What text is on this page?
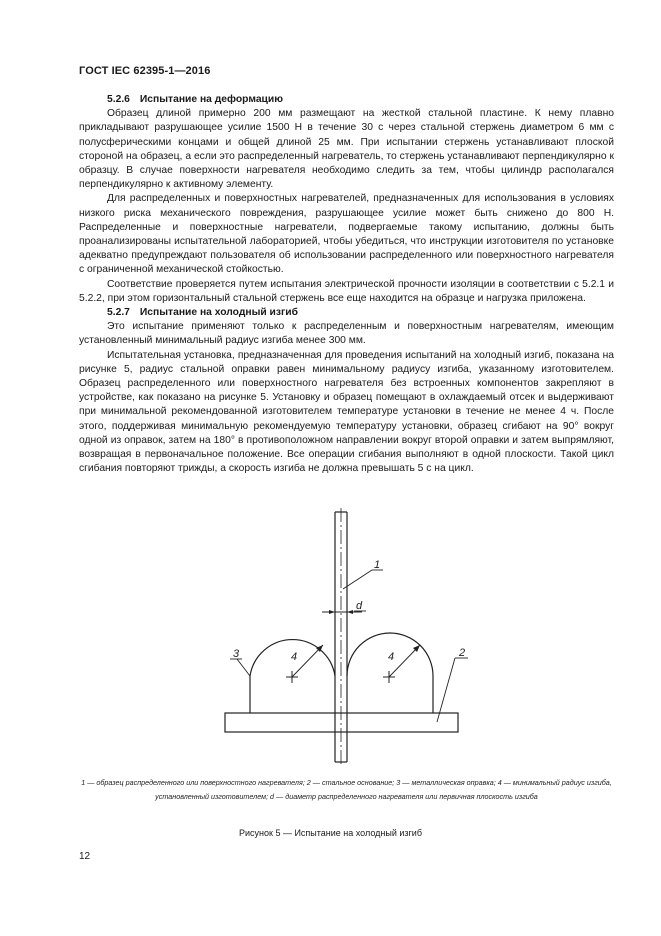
ГОСТ IEC 62395-1—2016
5.2.6 Испытание на деформацию

Образец длиной примерно 200 мм размещают на жесткой стальной пластине. К нему плавно прикладывают разрушающее усилие 1500 Н в течение 30 с через стальной стержень диаметром 6 мм с полусферическими концами и общей длиной 25 мм. При испытании стержень устанавливают плоской стороной на образец, а если это распределенный нагреватель, то стержень устанавливают перпендикулярно к образцу. В случае поверхности нагревателя необходимо следить за тем, чтобы цилиндр располагался перпендикулярно к активному элементу.

Для распределенных и поверхностных нагревателей, предназначенных для использования в условиях низкого риска механического повреждения, разрушающее усилие может быть снижено до 800 Н. Распределенные и поверхностные нагреватели, подвергаемые такому испытанию, должны быть проанализированы испытательной лабораторией, чтобы убедиться, что инструкции изготовителя по установке адекватно предупреждают пользователя об использовании распределенного или поверхностного нагревателя с ограниченной механической стойкостью.

Соответствие проверяется путем испытания электрической прочности изоляции в соответствии с 5.2.1 и 5.2.2, при этом горизонтальный стальной стержень все еще находится на образце и нагрузка приложена.

5.2.7 Испытание на холодный изгиб

Это испытание применяют только к распределенным и поверхностным нагревателям, имеющим установленный минимальный радиус изгиба менее 300 мм.

Испытательная установка, предназначенная для проведения испытаний на холодный изгиб, показана на рисунке 5, радиус стальной оправки равен минимальному радиусу изгиба, указанному изготовителем. Образец распределенного или поверхностного нагревателя без встроенных компонентов закрепляют в устройстве, как показано на рисунке 5. Установку и образец помещают в охлаждаемый отсек и выдерживают при минимальной рекомендованной изготовителем температуре установки в течение не менее 4 ч. После этого, поддерживая минимальную рекомендуемую температуру установки, образец сгибают на 90° вокруг одной из оправок, затем на 180° в противоположном направлении вокруг второй оправки и затем выпрямляют, возвращая в первоначальное положение. Все операции сгибания выполняют в одной плоскости. Такой цикл сгибания повторяют трижды, а скорость изгиба не должна превышать 5 с на цикл.

1
2
3	4	4
d
1 — образец распределенного или поверхностного нагревателя; 2 — стальное основание; 3 — металлическая оправка; 4 — минимальный радиус изгиба, установленный изготовителем; d — диаметр распределенного нагревателя или первичная плоскость изгиба
Рисунок 5 — Испытание на холодный изгиб
12
